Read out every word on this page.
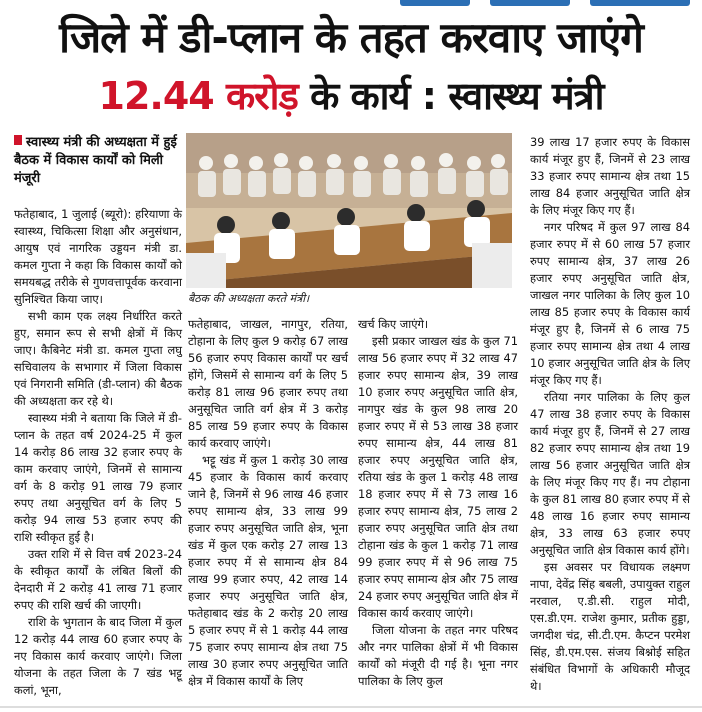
जिले में डी-प्लान के तहत करवाए जाएंगे
12.44 करोड़ के कार्य : स्वास्थ्य मंत्री
स्वास्थ्य मंत्री की अध्यक्षता में हुई बैठक में विकास कार्यों को मिली मंजूरी
बैठक की अध्यक्षता करते मंत्री।

फतेहाबाद, 1 जुलाई (ब्यूरो): हरियाणा के स्वास्थ्य, चिकित्सा शिक्षा और अनुसंधान, आयुष एवं नागरिक उड्डयन मंत्री डा. कमल गुप्ता ने कहा कि विकास कार्यों को समयबद्ध तरीके से गुणवत्तापूर्वक करवाना सुनिश्चित किया जाए।

सभी काम एक लक्ष्य निर्धारित करते हुए, समान रूप से सभी क्षेत्रों में किए जाए। कैबिनेट मंत्री डा. कमल गुप्ता लघु सचिवालय के सभागार में जिला विकास एवं निगरानी समिति (डी-प्लान) की बैठक की अध्यक्षता कर रहे थे।

स्वास्थ्य मंत्री ने बताया कि जिले में डी-प्लान के तहत वर्ष 2024-25 में कुल 14 करोड़ 86 लाख 32 हजार रुपए के काम करवाए जाएंगे, जिनमें से सामान्य वर्ग के 8 करोड़ 91 लाख 79 हजार रुपए तथा अनुसूचित वर्ग के लिए 5 करोड़ 94 लाख 53 हजार रुपए की राशि स्वीकृत हुई है।

उक्त राशि में से वित्त वर्ष 2023-24 के स्वीकृत कार्यों के लंबित बिलों की देनदारी में 2 करोड़ 41 लाख 71 हजार रुपए की राशि खर्च की जाएगी।

राशि के भुगतान के बाद जिला में कुल 12 करोड़ 44 लाख 60 हजार रुपए के नए विकास कार्य करवाए जाएंगे। जिला योजना के तहत जिला के 7 खंड भट्टू कलां, भूना,

फतेहाबाद, जाखल, नागपुर, रतिया, टोहाना के लिए कुल 9 करोड़ 67 लाख 56 हजार रुपए विकास कार्यों पर खर्च होंगे, जिसमें से सामान्य वर्ग के लिए 5 करोड़ 81 लाख 96 हजार रुपए तथा अनुसूचित जाति वर्ग क्षेत्र में 3 करोड़ 85 लाख 59 हजार रुपए के विकास कार्य करवाए जाएंगे।

भट्टू खंड में कुल 1 करोड़ 30 लाख 45 हजार के विकास कार्य करवाए जाने है, जिनमें से 96 लाख 46 हजार रुपए सामान्य क्षेत्र, 33 लाख 99 हजार रुपए अनुसूचित जाति क्षेत्र, भूना खंड में कुल एक करोड़ 27 लाख 13 हजार रुपए में से सामान्य क्षेत्र 84 लाख 99 हजार रुपए, 42 लाख 14 हजार रुपए अनुसूचित जाति क्षेत्र, फतेहाबाद खंड के 2 करोड़ 20 लाख 5 हजार रुपए में से 1 करोड़ 44 लाख 75 हजार रुपए सामान्य क्षेत्र तथा 75 लाख 30 हजार रुपए अनुसूचित जाति क्षेत्र में विकास कार्यों के लिए

खर्च किए जाएंगे।

इसी प्रकार जाखल खंड के कुल 71 लाख 56 हजार रुपए में 32 लाख 47 हजार रुपए सामान्य क्षेत्र, 39 लाख 10 हजार रुपए अनुसूचित जाति क्षेत्र, नागपुर खंड के कुल 98 लाख 20 हजार रुपए में से 53 लाख 38 हजार रुपए सामान्य क्षेत्र, 44 लाख 81 हजार रुपए अनुसूचित जाति क्षेत्र, रतिया खंड के कुल 1 करोड़ 48 लाख 18 हजार रुपए में से 73 लाख 16 हजार रुपए सामान्य क्षेत्र, 75 लाख 2 हजार रुपए अनुसूचित जाति क्षेत्र तथा टोहाना खंड के कुल 1 करोड़ 71 लाख 99 हजार रुपए में से 96 लाख 75 हजार रुपए सामान्य क्षेत्र और 75 लाख 24 हजार रुपए अनुसूचित जाति क्षेत्र में विकास कार्य करवाए जाएंगे।

जिला योजना के तहत नगर परिषद और नगर पालिका क्षेत्रों में भी विकास कार्यों को मंजूरी दी गई है। भूना नगर पालिका के लिए कुल

39 लाख 17 हजार रुपए के विकास कार्य मंजूर हुए हैं, जिनमें से 23 लाख 33 हजार रुपए सामान्य क्षेत्र तथा 15 लाख 84 हजार अनुसूचित जाति क्षेत्र के लिए मंजूर किए गए हैं।

नगर परिषद में कुल 97 लाख 84 हजार रुपए में से 60 लाख 57 हजार रुपए सामान्य क्षेत्र, 37 लाख 26 हजार रुपए अनुसूचित जाति क्षेत्र, जाखल नगर पालिका के लिए कुल 10 लाख 85 हजार रुपए के विकास कार्य मंजूर हुए है, जिनमें से 6 लाख 75 हजार रुपए सामान्य क्षेत्र तथा 4 लाख 10 हजार अनुसूचित जाति क्षेत्र के लिए मंजूर किए गए हैं।

रतिया नगर पालिका के लिए कुल 47 लाख 38 हजार रुपए के विकास कार्य मंजूर हुए हैं, जिनमें से 27 लाख 82 हजार रुपए सामान्य क्षेत्र तथा 19 लाख 56 हजार अनुसूचित जाति क्षेत्र के लिए मंजूर किए गए हैं। नप टोहाना के कुल 81 लाख 80 हजार रुपए में से 48 लाख 16 हजार रुपए सामान्य क्षेत्र, 33 लाख 63 हजार रुपए अनुसूचित जाति क्षेत्र विकास कार्य होंगे।

इस अवसर पर विधायक लक्ष्मण नापा, देवेंद्र सिंह बबली, उपायुक्त राहुल नरवाल, ए.डी.सी. राहुल मोदी, एस.डी.एम. राजेश कुमार, प्रतीक हुड्डा, जगदीश चंद्र, सी.टी.एम. कैप्टन परमेश सिंह, डी.एम.एस. संजय बिश्नोई सहित संबंधित विभागों के अधिकारी मौजूद थे।
